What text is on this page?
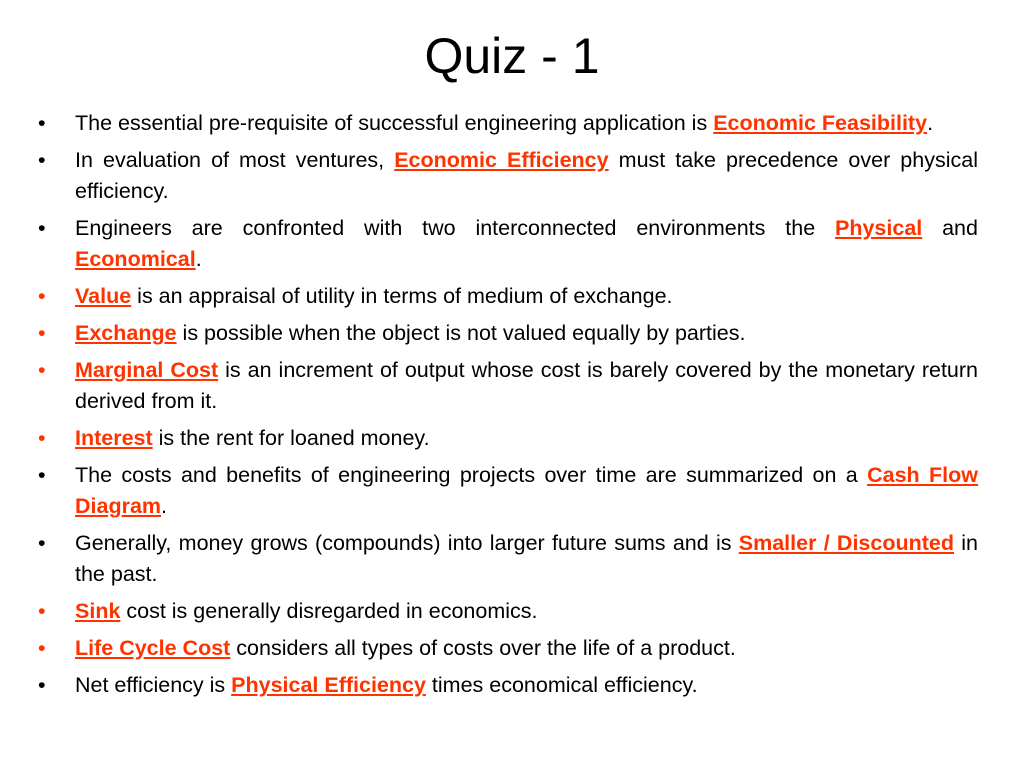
Quiz - 1
•	The essential pre-requisite of successful engineering application is Economic Feasibility.
•	In evaluation of most ventures, Economic Efficiency must take precedence over physical efficiency.
•	Engineers are confronted with two interconnected environments the Physical and Economical.
•	Value is an appraisal of utility in terms of medium of exchange.
•	Exchange is possible when the object is not valued equally by parties.
•	Marginal Cost is an increment of output whose cost is barely covered by the monetary return derived from it.
•	Interest is the rent for loaned money.
•	The costs and benefits of engineering projects over time are summarized on a Cash Flow Diagram.
•	Generally, money grows (compounds) into larger future sums and is Smaller / Discounted in the past.
•	Sink cost is generally disregarded in economics.
•	Life Cycle Cost considers all types of costs over the life of a product.
•	Net efficiency is Physical Efficiency times economical efficiency.
